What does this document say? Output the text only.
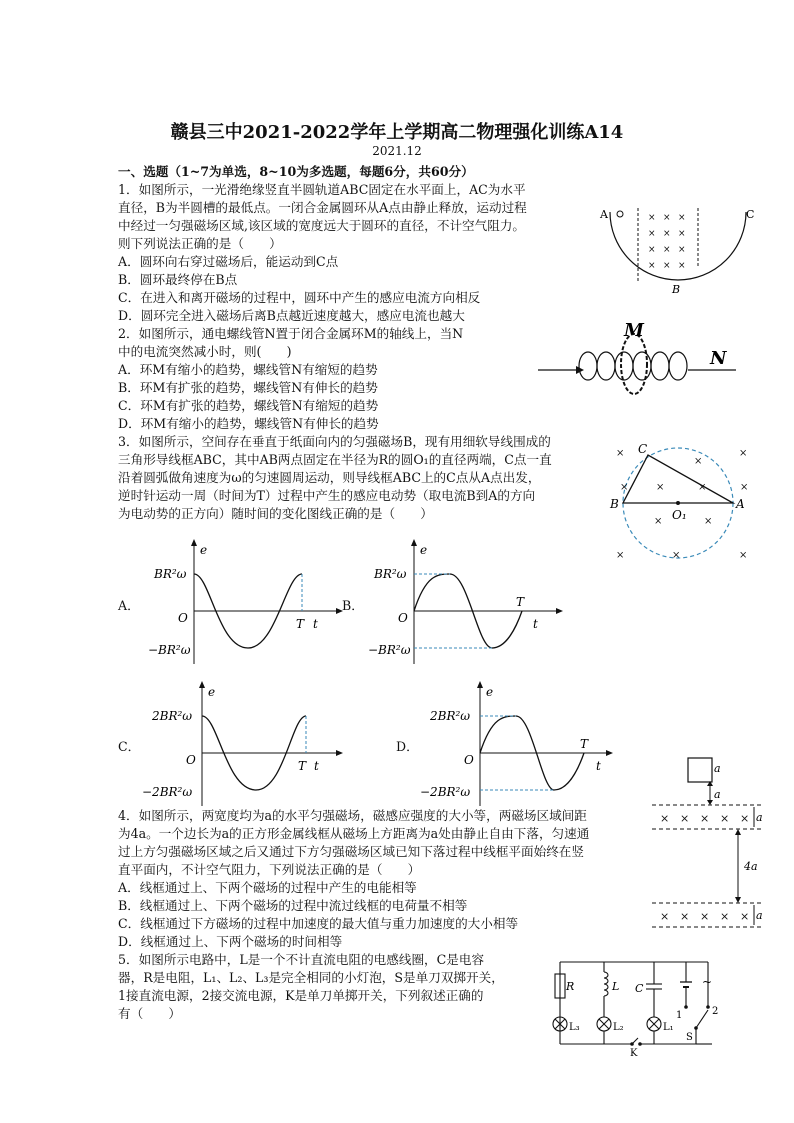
赣县三中2021-2022学年上学期高二物理强化训练A14
2021.12
一、选题（1~7为单选，8~10为多选题，每题6分，共60分）
1．如图所示，一光滑绝缘竖直半圆轨道ABC固定在水平面上，AC为水平
直径，B为半圆槽的最低点。一闭合金属圆环从A点由静止释放，运动过程
中经过一匀强磁场区域,该区域的宽度远大于圆环的直径，不计空气阻力。
则下列说法正确的是（　　）
A．圆环向右穿过磁场后，能运动到C点
B．圆环最终停在B点
C．在进入和离开磁场的过程中，圆环中产生的感应电流方向相反
D．圆环完全进入磁场后离B点越近速度越大，感应电流也越大
× × ×
× × ×
× × ×
× × ×
A	C
B
2．如图所示，通电螺线管N置于闭合金属环M的轴线上，当N
中的电流突然减小时，则(　　)
A．环M有缩小的趋势，螺线管N有缩短的趋势
B．环M有扩张的趋势，螺线管N有伸长的趋势
C．环M有扩张的趋势，螺线管N有缩短的趋势
D．环M有缩小的趋势，螺线管N有伸长的趋势
M
N
3．如图所示，空间存在垂直于纸面向内的匀强磁场B，现有用细软导线围成的
三角形导线框ABC，其中AB两点固定在半径为R的圆O₁的直径两端，C点一直
沿着圆弧做角速度为ω的匀速圆周运动，则导线框ABC上的C点从A点出发，
逆时针运动一周（时间为T）过程中产生的感应电动势（取电流B到A的方向
为电动势的正方向）随时间的变化图线正确的是（　　）
×	×
×
×	×	×	×
×	×
×	×	×
B	A
C
O₁
A．
e
O	T t
BR²ω
−BR²ω
B．
e
O
T
t
BR²ω
−BR²ω
C．
e
O	T t
2BR²ω
−2BR²ω
D．
e
O
T
t
2BR²ω
−2BR²ω
4．如图所示，两宽度均为a的水平匀强磁场，磁感应强度的大小等，两磁场区域间距
为4a。一个边长为a的正方形金属线框从磁场上方距离为a处由静止自由下落，匀速通
过上方匀强磁场区域之后又通过下方匀强磁场区域已知下落过程中线框平面始终在竖
直平面内，不计空气阻力，下列说法正确的是（　　）
A．线框通过上、下两个磁场的过程中产生的电能相等
B．线框通过上、下两个磁场的过程中流过线框的电荷量不相等
C．线框通过下方磁场的过程中加速度的最大值与重力加速度的大小相等
D．线框通过上、下两个磁场的时间相等
a
a
× × × × × a
4a
× × × × × a
5．如图所示电路中，L是一个不计直流电阻的电感线圈，C是电容
器，R是电阻，L₁、L₂、L₃是完全相同的小灯泡，S是单刀双掷开关，
1接直流电源，2接交流电源，K是单刀单掷开关，下列叙述正确的
有（　　）
R	L C
L₃	L₂	L₁
1	2
~
S
K
